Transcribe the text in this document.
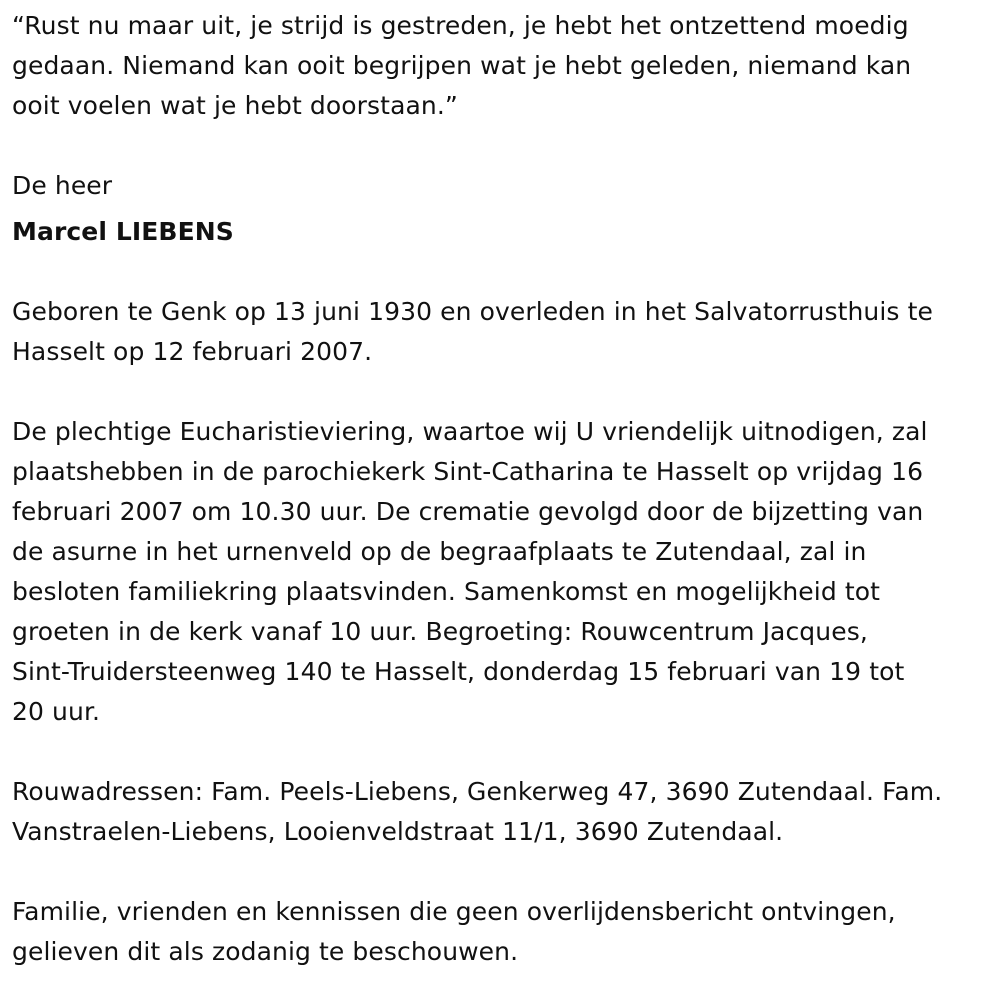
“Rust nu maar uit, je strijd is gestreden, je hebt het ontzettend moedig
gedaan. Niemand kan ooit begrijpen wat je hebt geleden, niemand kan
ooit voelen wat je hebt doorstaan.”

De heer

Marcel LIEBENS

Geboren te Genk op 13 juni 1930 en overleden in het Salvatorrusthuis te
Hasselt op 12 februari 2007.

De plechtige Eucharistieviering, waartoe wij U vriendelijk uitnodigen, zal
plaatshebben in de parochiekerk Sint-Catharina te Hasselt op vrijdag 16
februari 2007 om 10.30 uur. De crematie gevolgd door de bijzetting van
de asurne in het urnenveld op de begraafplaats te Zutendaal, zal in
besloten familiekring plaatsvinden. Samenkomst en mogelijkheid tot
groeten in de kerk vanaf 10 uur. Begroeting: Rouwcentrum Jacques,
Sint-Truidersteenweg 140 te Hasselt, donderdag 15 februari van 19 tot
20 uur.

Rouwadressen: Fam. Peels-Liebens, Genkerweg 47, 3690 Zutendaal. Fam.
Vanstraelen-Liebens, Looienveldstraat 11/1, 3690 Zutendaal.

Familie, vrienden en kennissen die geen overlijdensbericht ontvingen,
gelieven dit als zodanig te beschouwen.
